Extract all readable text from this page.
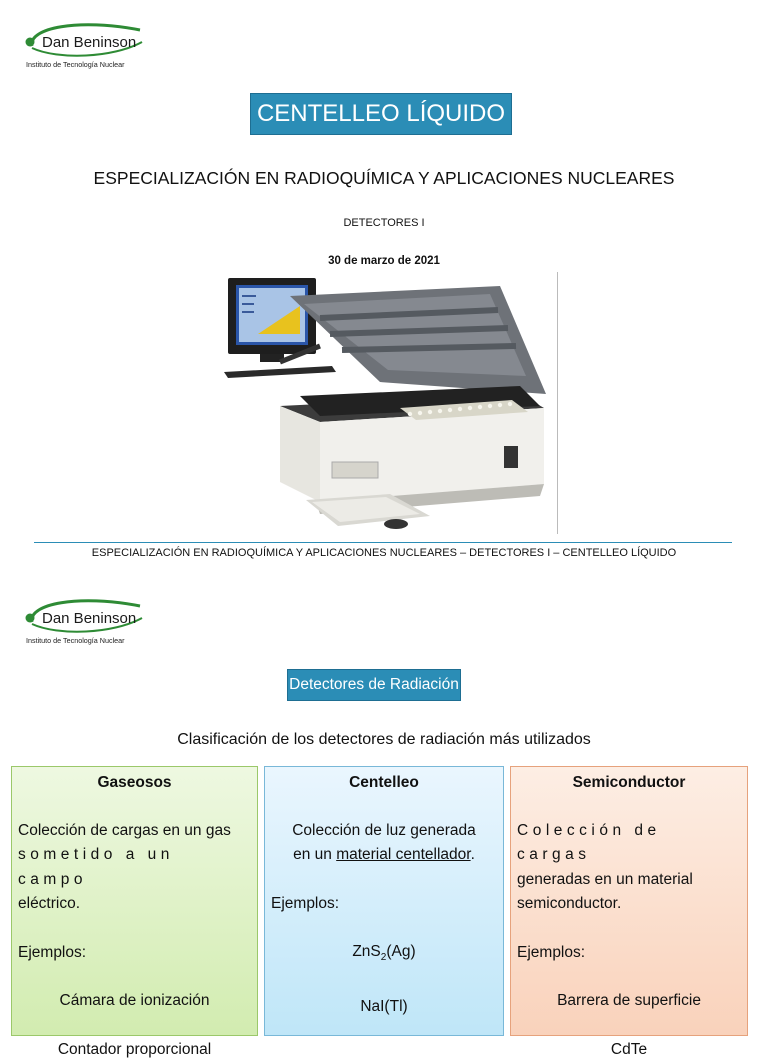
Dan Beninson
Instituto de Tecnología Nuclear
CENTELLEO LÍQUIDO
ESPECIALIZACIÓN EN RADIOQUÍMICA Y APLICACIONES NUCLEARES
DETECTORES I
30 de marzo de 2021
ESPECIALIZACIÓN EN RADIOQUÍMICA Y APLICACIONES NUCLEARES – DETECTORES I – CENTELLEO LÍQUIDO
Dan Beninson
Instituto de Tecnología Nuclear
Detectores de Radiación
Clasificación de los detectores de radiación más utilizados
Gaseosos
Colección de cargas en un gas
sometido a un campo
eléctrico.
Ejemplos:
Cámara de ionización
Contador proporcional
Centelleo
Colección de luz generada
en un material centellador.
Ejemplos:
ZnS$_2$(Ag)
NaI(Tl)
Semiconductor
Colección de cargas
generadas en un material
semiconductor.
Ejemplos:
Barrera de superficie
CdTe
